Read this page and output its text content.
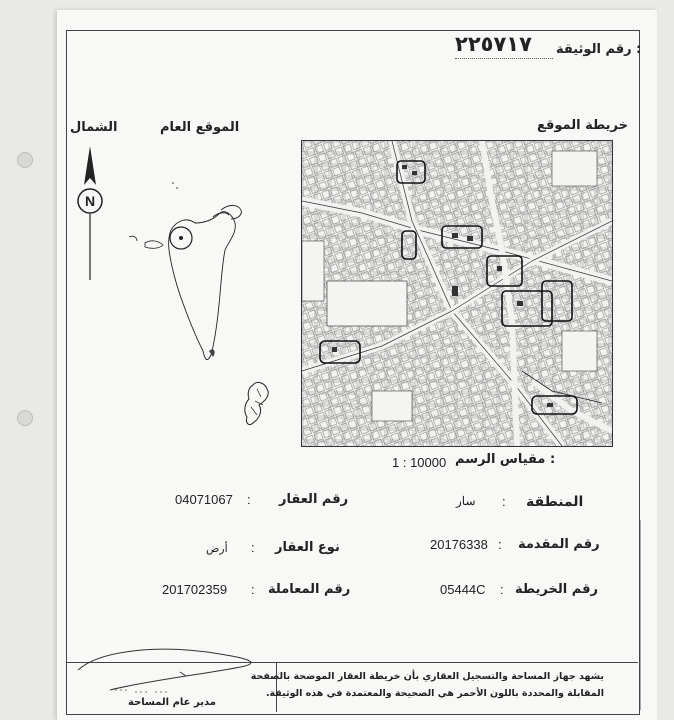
رقم الوثيقة :
٢٢٥٧١٧
خريطة الموقع
الموقع العام
الشمال
N
مقياس الرسم :
1 : 10000
المنطقة
:
سار
رقم العقار
:
04071067
رقم المقدمة
:
20176338
نوع العقار
:
أرض
رقم الخريطة
:
05444C
رقم المعاملة
:
201702359
يشهد جهاز المساحة والتسجيل العقاري بأن خريطة العقار الموضحة بالصفحة
المقابلة والمحددة باللون الأحمر هي الصحيحة والمعتمدة في هذه الوثيقة.
مدير عام المساحة
